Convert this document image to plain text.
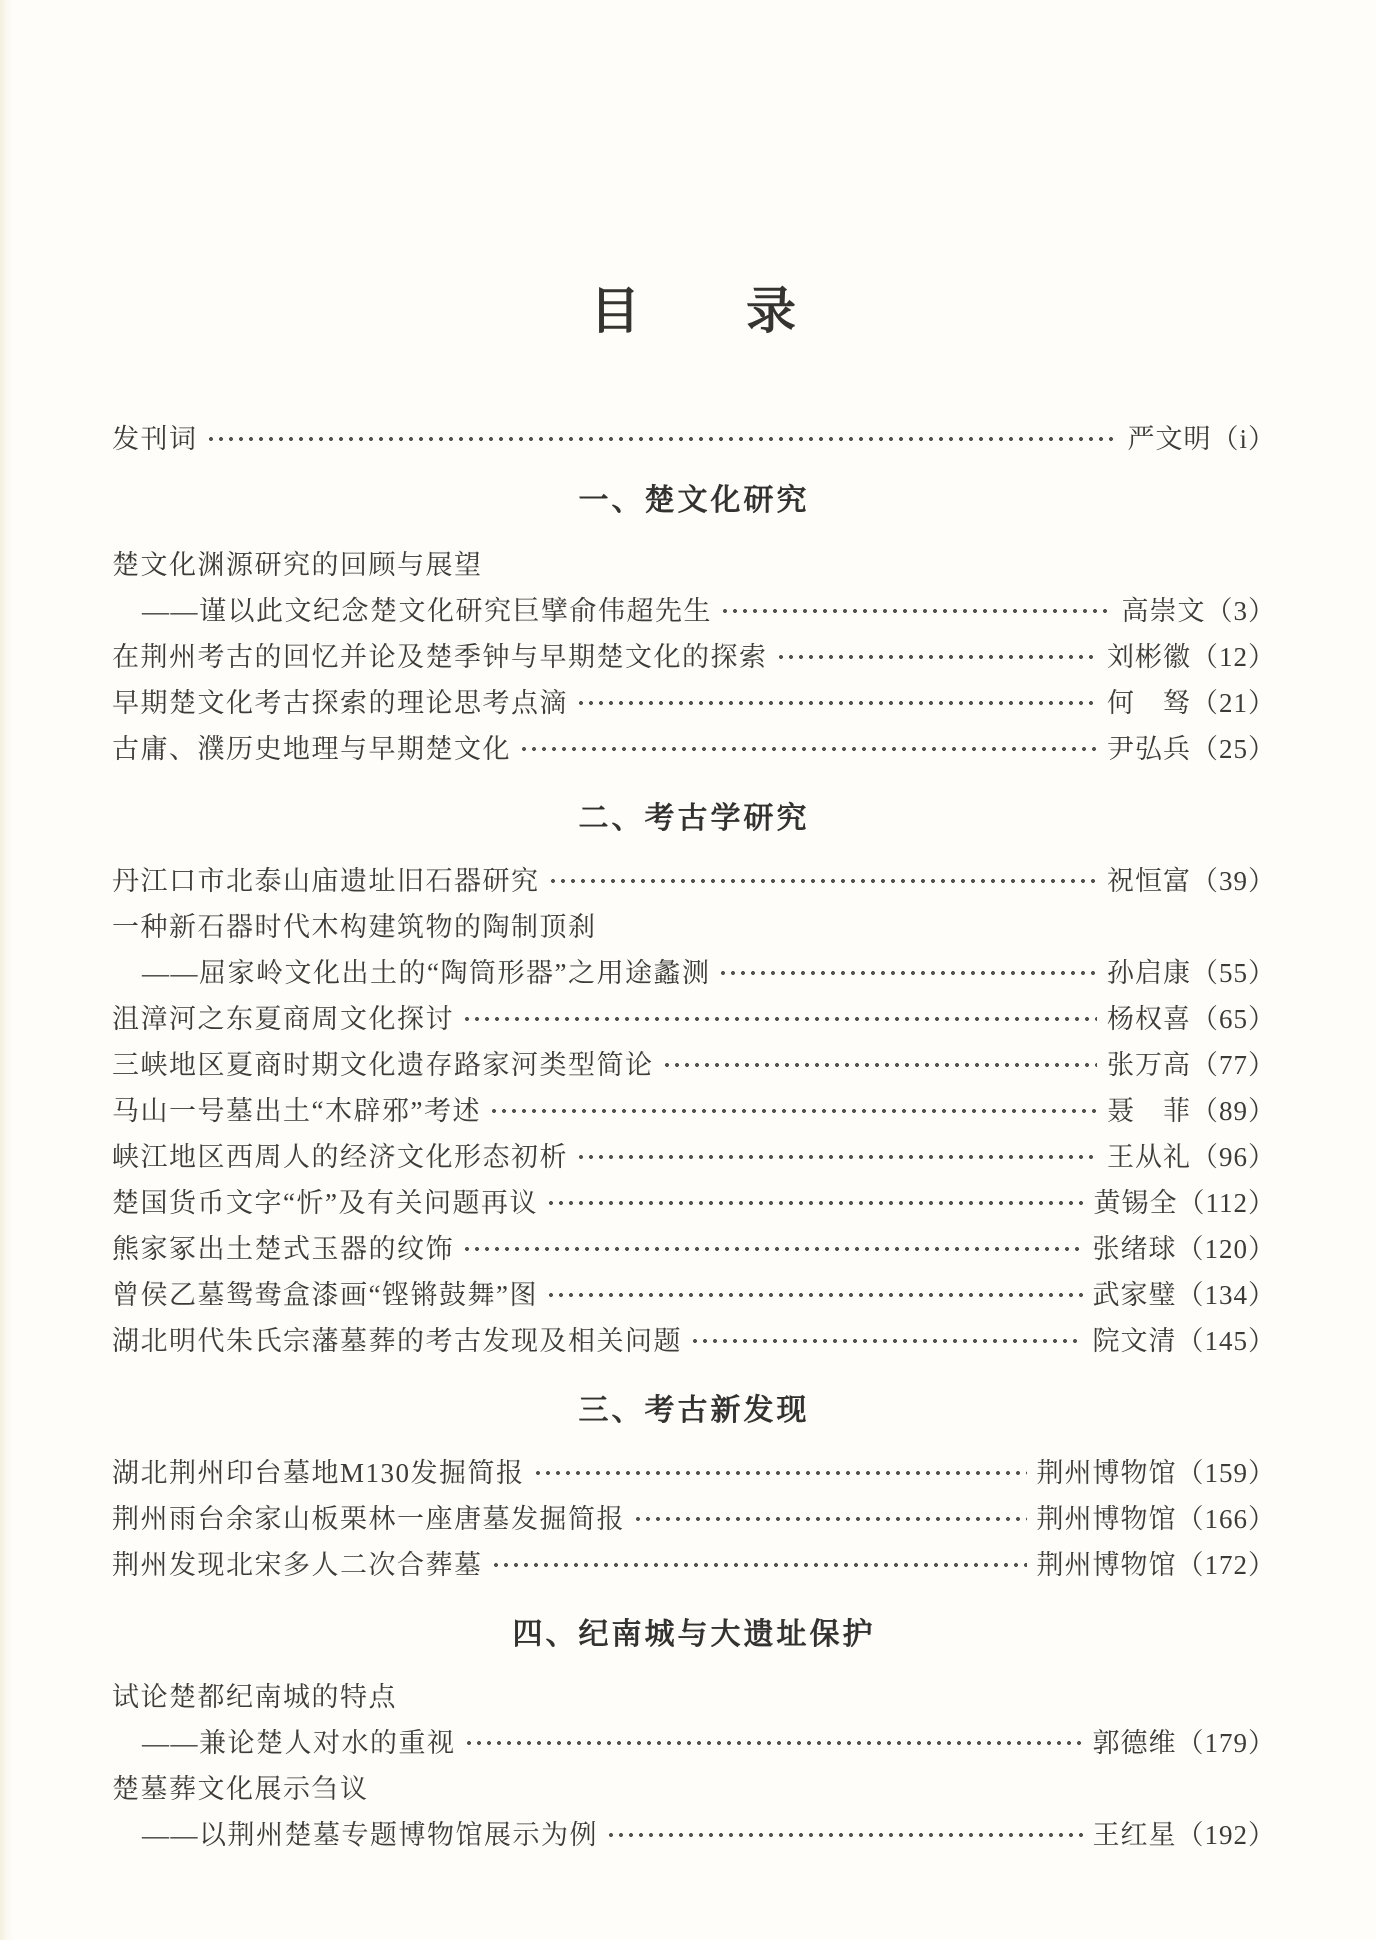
目　　录
发刊词	严文明（i）
一、楚文化研究
楚文化渊源研究的回顾与展望
——谨以此文纪念楚文化研究巨擘俞伟超先生	高崇文（3）
在荆州考古的回忆并论及楚季钟与早期楚文化的探索	刘彬徽（12）
早期楚文化考古探索的理论思考点滴	何　驽（21）
古庸、濮历史地理与早期楚文化	尹弘兵（25）
二、考古学研究
丹江口市北泰山庙遗址旧石器研究	祝恒富（39）
一种新石器时代木构建筑物的陶制顶刹
——屈家岭文化出土的“陶筒形器”之用途蠡测	孙启康（55）
沮漳河之东夏商周文化探讨	杨权喜（65）
三峡地区夏商时期文化遗存路家河类型简论	张万高（77）
马山一号墓出土“木辟邪”考述	聂　菲（89）
峡江地区西周人的经济文化形态初析	王从礼（96）
楚国货币文字“忻”及有关问题再议	黄锡全（112）
熊家冢出土楚式玉器的纹饰	张绪球（120）
曾侯乙墓鸳鸯盒漆画“铿锵鼓舞”图	武家璧（134）
湖北明代朱氏宗藩墓葬的考古发现及相关问题	院文清（145）
三、考古新发现
湖北荆州印台墓地M130发掘简报	荆州博物馆（159）
荆州雨台余家山板栗林一座唐墓发掘简报	荆州博物馆（166）
荆州发现北宋多人二次合葬墓	荆州博物馆（172）
四、纪南城与大遗址保护
试论楚都纪南城的特点
——兼论楚人对水的重视	郭德维（179）
楚墓葬文化展示刍议
——以荆州楚墓专题博物馆展示为例	王红星（192）
